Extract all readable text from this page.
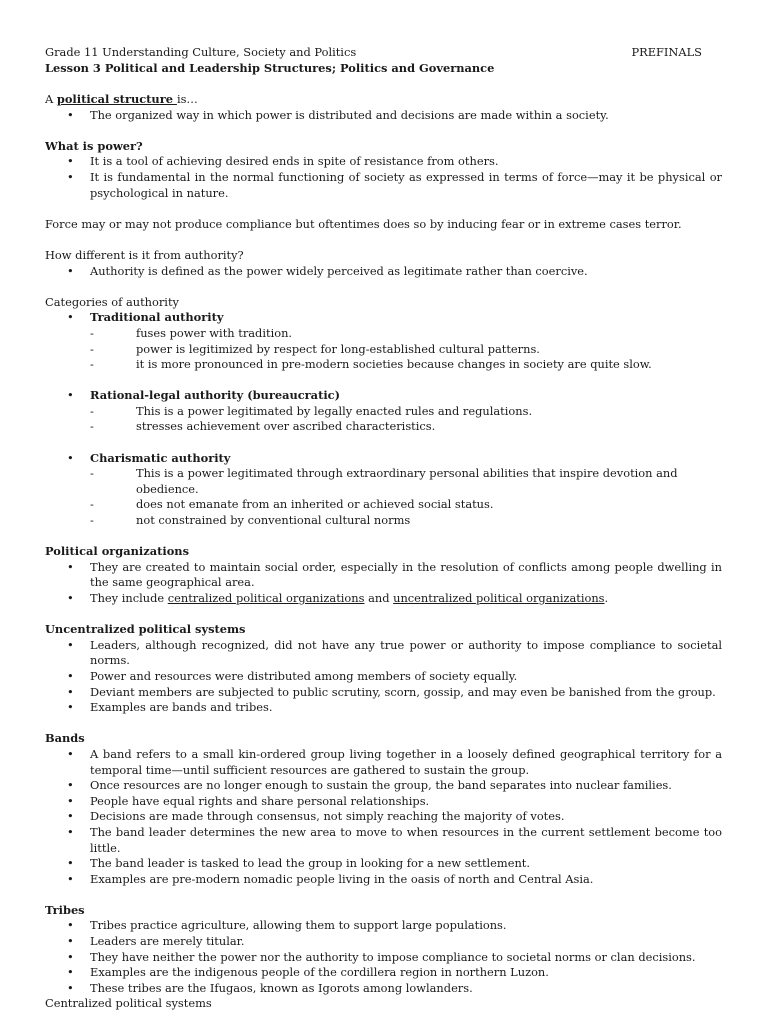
Grade 11 Understanding Culture, Society and Politics	PREFINALS
Lesson 3 Political and Leadership Structures; Politics and Governance

A political structure is…

• The organized way in which power is distributed and decisions are made within a society.

What is power?

• It is a tool of achieving desired ends in spite of resistance from others.
• It is fundamental in the normal functioning of society as expressed in terms of force—may it be physical or psychological in nature.

Force may or may not produce compliance but oftentimes does so by inducing fear or in extreme cases terror.

How different is it from authority?

• Authority is defined as the power widely perceived as legitimate rather than coercive.

Categories of authority

• Traditional authority
- fuses power with tradition.
- power is legitimized by respect for long-established cultural patterns.
- it is more pronounced in pre-modern societies because changes in society are quite slow.
• Rational-legal authority (bureaucratic)
- This is a power legitimated by legally enacted rules and regulations.
- stresses achievement over ascribed characteristics.
• Charismatic authority
- This is a power legitimated through extraordinary personal abilities that inspire devotion and obedience.
- does not emanate from an inherited or achieved social status.
- not constrained by conventional cultural norms

Political organizations

• They are created to maintain social order, especially in the resolution of conflicts among people dwelling in the same geographical area.
• They include centralized political organizations and uncentralized political organizations.

Uncentralized political systems

• Leaders, although recognized, did not have any true power or authority to impose compliance to societal norms.
• Power and resources were distributed among members of society equally.
• Deviant members are subjected to public scrutiny, scorn, gossip, and may even be banished from the group.
• Examples are bands and tribes.

Bands

• A band refers to a small kin-ordered group living together in a loosely defined geographical territory for a temporal time—until sufficient resources are gathered to sustain the group.
• Once resources are no longer enough to sustain the group, the band separates into nuclear families.
• People have equal rights and share personal relationships.
• Decisions are made through consensus, not simply reaching the majority of votes.
• The band leader determines the new area to move to when resources in the current settlement become too little.
• The band leader is tasked to lead the group in looking for a new settlement.
• Examples are pre-modern nomadic people living in the oasis of north and Central Asia.

Tribes

• Tribes practice agriculture, allowing them to support large populations.
• Leaders are merely titular.
• They have neither the power nor the authority to impose compliance to societal norms or clan decisions.
• Examples are the indigenous people of the cordillera region in northern Luzon.
• These tribes are the Ifugaos, known as Igorots among lowlanders.

Centralized political systems
